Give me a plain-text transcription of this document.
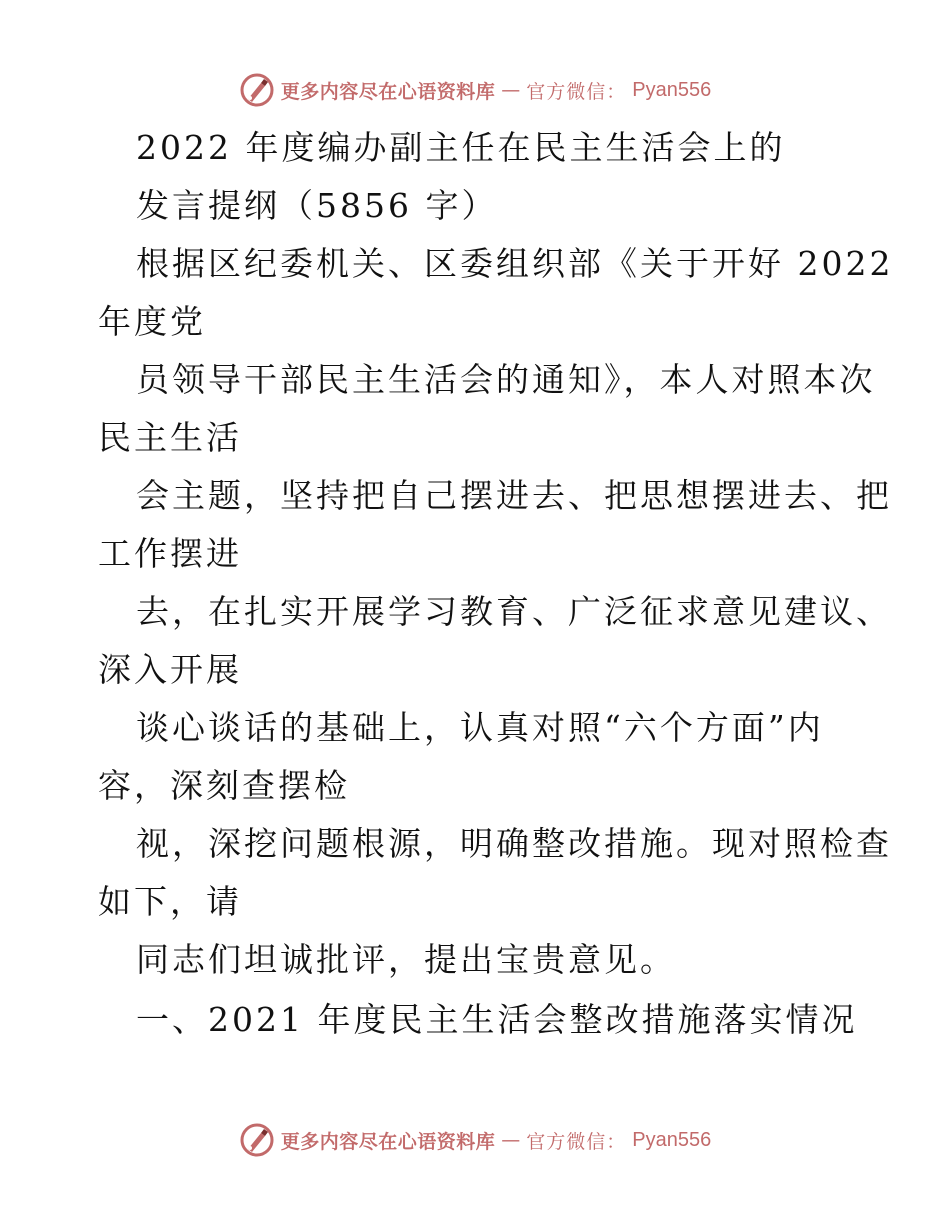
更多内容尽在心语资料库 — 官方微信： Pyan556
2022 年度编办副主任在民主生活会上的
发言提纲（5856 字）
根据区纪委机关、区委组织部《关于开好 2022
年度党
员领导干部民主生活会的通知》，本人对照本次
民主生活
会主题，坚持把自己摆进去、把思想摆进去、把
工作摆进
去，在扎实开展学习教育、广泛征求意见建议、
深入开展
谈心谈话的基础上，认真对照“六个方面”内
容，深刻查摆检
视，深挖问题根源，明确整改措施。现对照检查
如下，请
同志们坦诚批评，提出宝贵意见。
一、2021 年度民主生活会整改措施落实情况
更多内容尽在心语资料库 — 官方微信： Pyan556
